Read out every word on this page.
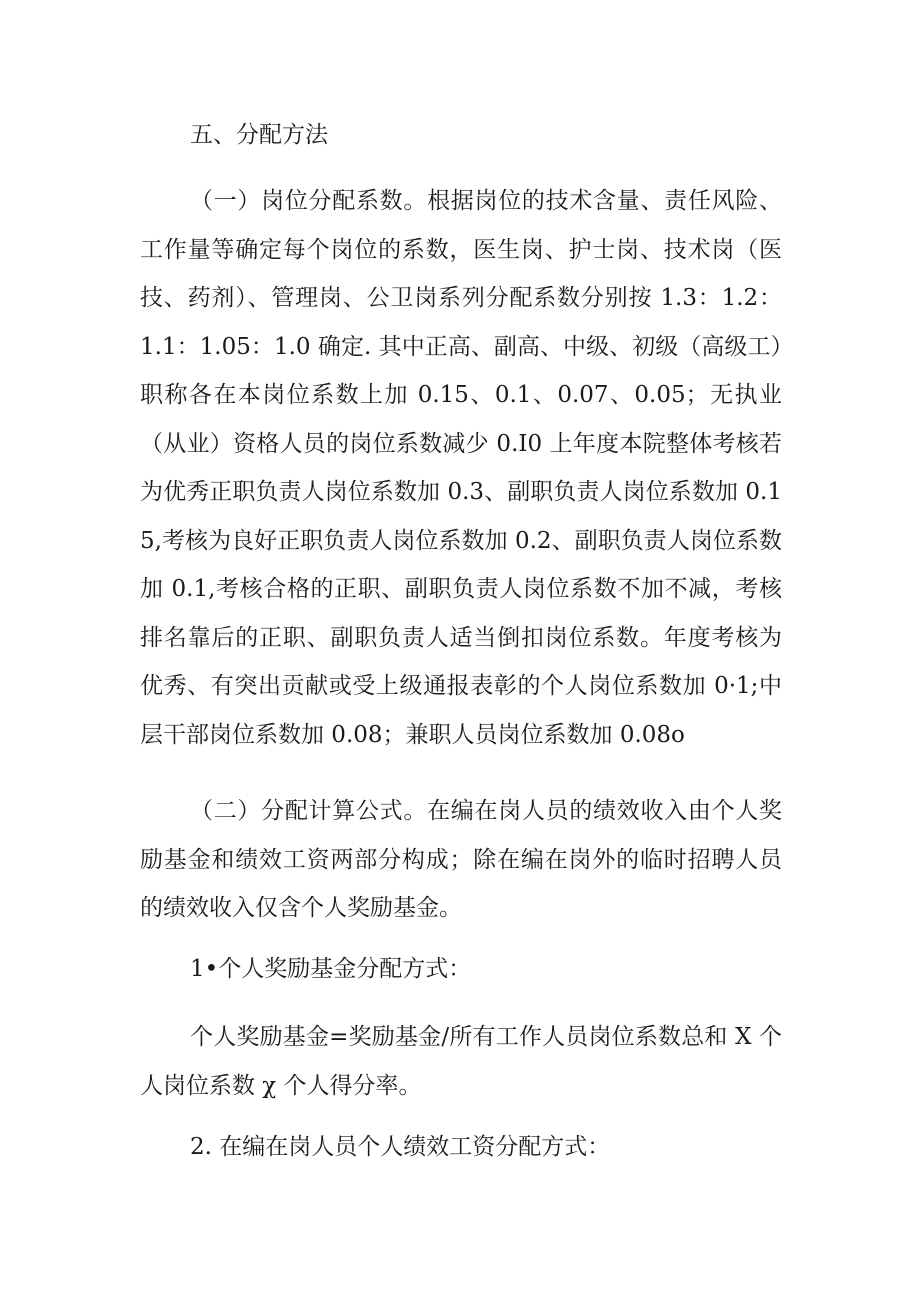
五、分配方法

（一）岗位分配系数。根据岗位的技术含量、责任风险、工作量等确定每个岗位的系数，医生岗、护士岗、技术岗（医技、药剂）、管理岗、公卫岗系列分配系数分别按 1.3：1.2：1.1：1.05：1.0 确定. 其中正高、副高、中级、初级（高级工）职称各在本岗位系数上加 0.15、0.1、0.07、0.05；无执业（从业）资格人员的岗位系数减少 0.I0 上年度本院整体考核若为优秀正职负责人岗位系数加 0.3、副职负责人岗位系数加 0.15,考核为良好正职负责人岗位系数加 0.2、副职负责人岗位系数加 0.1,考核合格的正职、副职负责人岗位系数不加不减，考核排名靠后的正职、副职负责人适当倒扣岗位系数。年度考核为优秀、有突出贡献或受上级通报表彰的个人岗位系数加 0·1;中层干部岗位系数加 0.08；兼职人员岗位系数加 0.08o

（二）分配计算公式。在编在岗人员的绩效收入由个人奖励基金和绩效工资两部分构成；除在编在岗外的临时招聘人员的绩效收入仅含个人奖励基金。

1•个人奖励基金分配方式：

个人奖励基金=奖励基金/所有工作人员岗位系数总和 X 个人岗位系数 χ 个人得分率。

2. 在编在岗人员个人绩效工资分配方式：
